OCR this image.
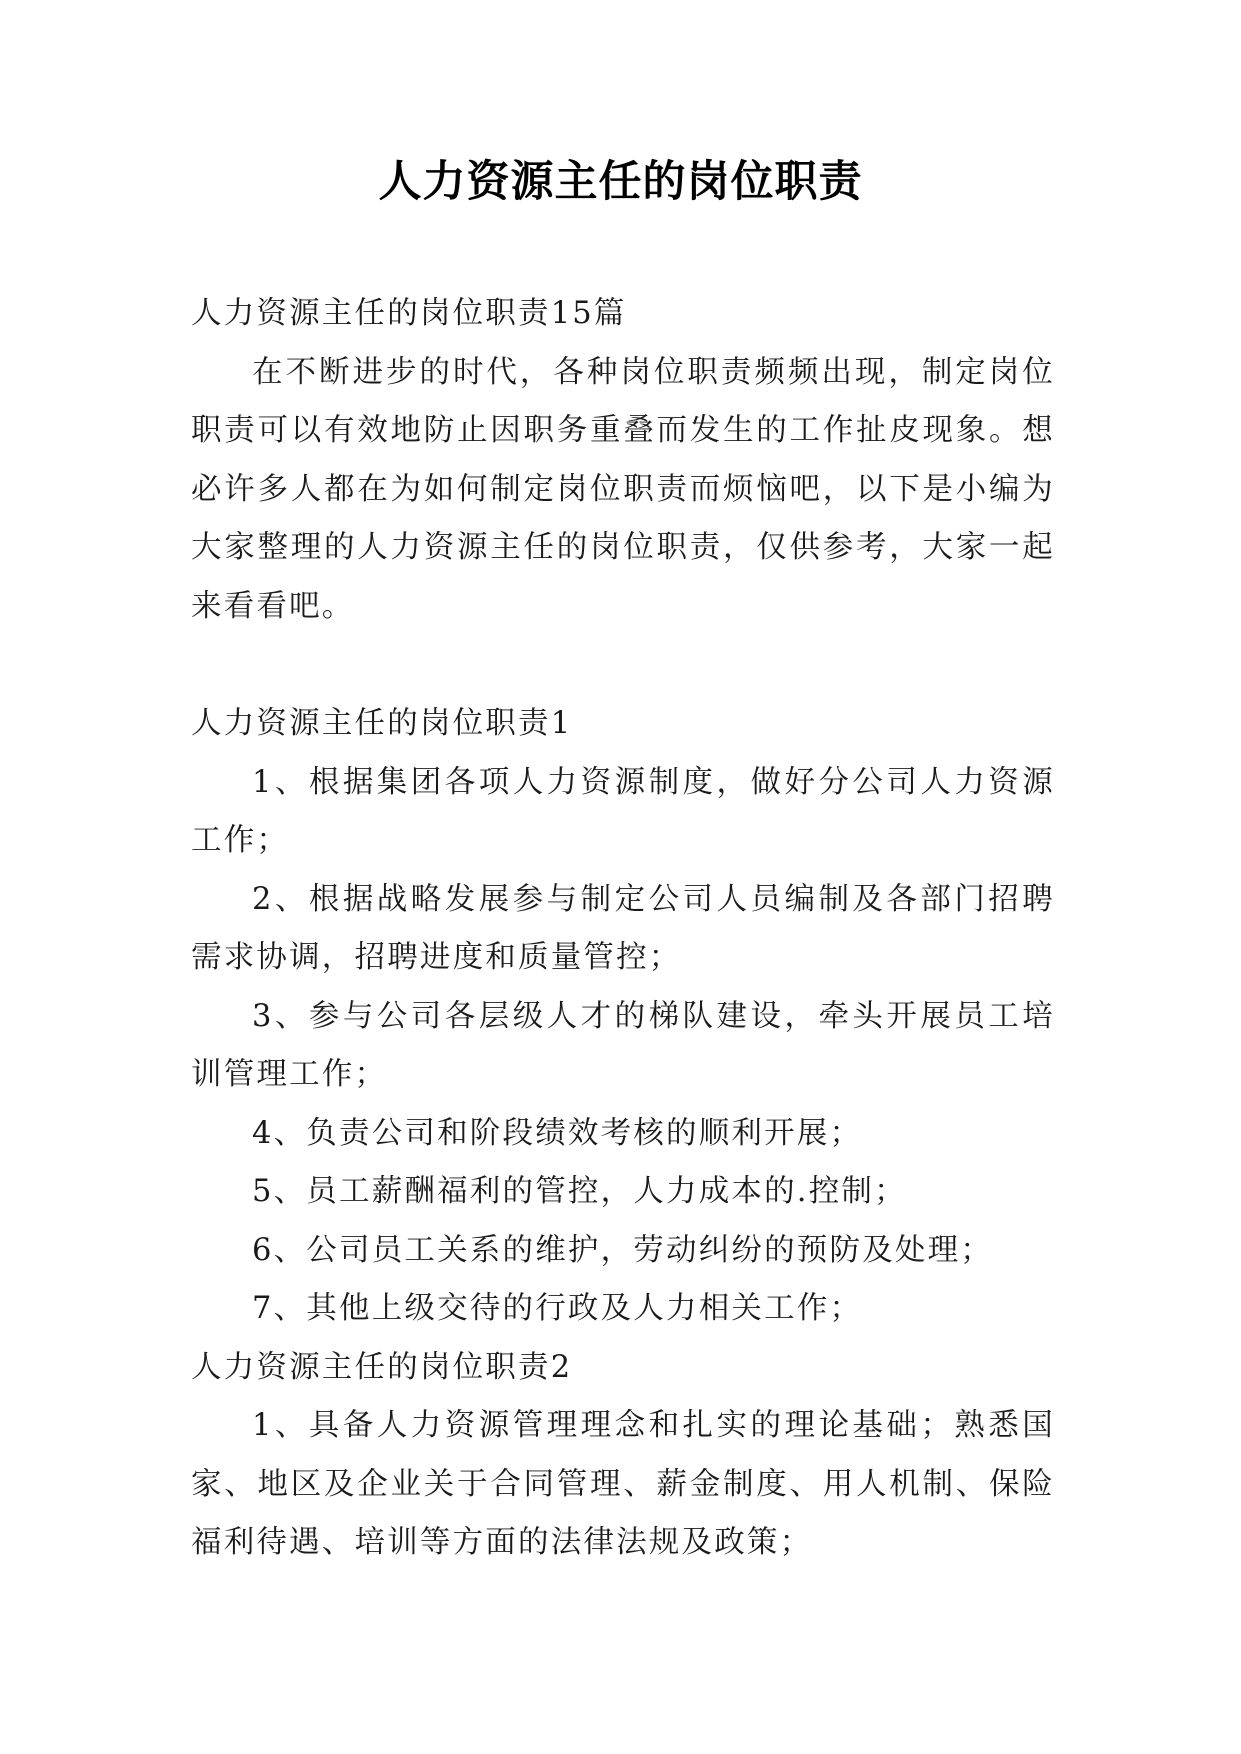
人力资源主任的岗位职责

人力资源主任的岗位职责15篇

在不断进步的时代，各种岗位职责频频出现，制定岗位职责可以有效地防止因职务重叠而发生的工作扯皮现象。想必许多人都在为如何制定岗位职责而烦恼吧，以下是小编为大家整理的人力资源主任的岗位职责，仅供参考，大家一起来看看吧。

人力资源主任的岗位职责1

1、根据集团各项人力资源制度，做好分公司人力资源工作；

2、根据战略发展参与制定公司人员编制及各部门招聘需求协调，招聘进度和质量管控；

3、参与公司各层级人才的梯队建设，牵头开展员工培训管理工作；

4、负责公司和阶段绩效考核的顺利开展；

5、员工薪酬福利的管控，人力成本的.控制；

6、公司员工关系的维护，劳动纠纷的预防及处理；

7、其他上级交待的行政及人力相关工作；

人力资源主任的岗位职责2

1、具备人力资源管理理念和扎实的理论基础；熟悉国家、地区及企业关于合同管理、薪金制度、用人机制、保险福利待遇、培训等方面的法律法规及政策；
